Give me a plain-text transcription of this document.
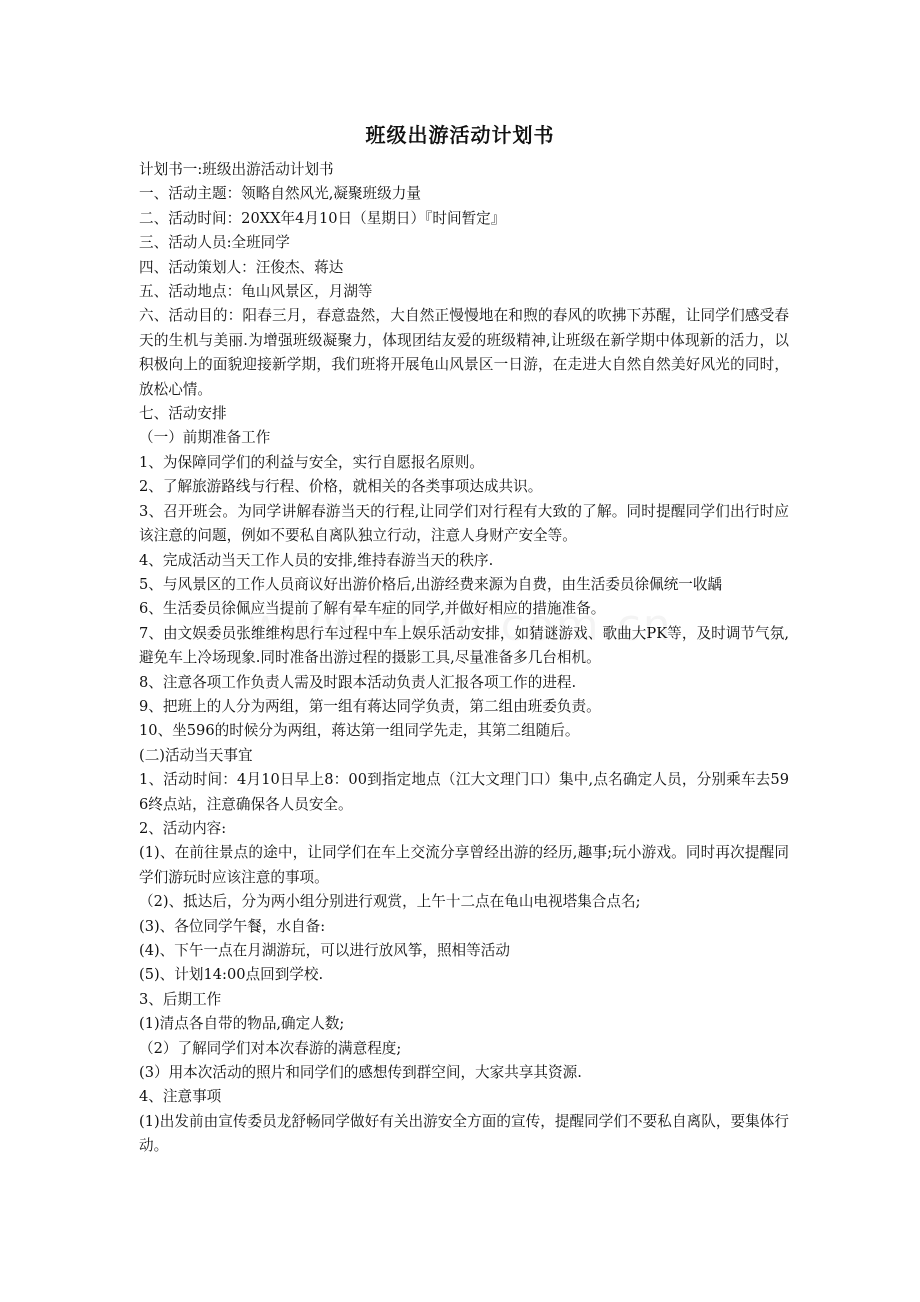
班级出游活动计划书

计划书一:班级出游活动计划书

一、活动主题：领略自然风光,凝聚班级力量

二、活动时间：20XX年4月10日（星期日）『时间暂定』

三、活动人员:全班同学

四、活动策划人：汪俊杰、蒋达

五、活动地点：龟山风景区，月湖等

六、活动目的：阳春三月，春意盎然，大自然正慢慢地在和煦的春风的吹拂下苏醒，让同学们感受春天的生机与美丽.为增强班级凝聚力，体现团结友爱的班级精神,让班级在新学期中体现新的活力，以积极向上的面貌迎接新学期，我们班将开展龟山风景区一日游，在走进大自然自然美好风光的同时，放松心情。

七、活动安排

（一）前期准备工作

1、为保障同学们的利益与安全，实行自愿报名原则。

2、了解旅游路线与行程、价格，就相关的各类事项达成共识。

3、召开班会。为同学讲解春游当天的行程,让同学们对行程有大致的了解。同时提醒同学们出行时应该注意的问题，例如不要私自离队独立行动，注意人身财产安全等。

4、完成活动当天工作人员的安排,维持春游当天的秩序.

5、与风景区的工作人员商议好出游价格后,出游经费来源为自费，由生活委员徐佩统一收龋

6、生活委员徐佩应当提前了解有晕车症的同学,并做好相应的措施准备。

7、由文娱委员张维维构思行车过程中车上娱乐活动安排，如猜谜游戏、歌曲大PK等，及时调节气氛,避免车上冷场现象.同时准备出游过程的摄影工具,尽量准备多几台相机。

8、注意各项工作负责人需及时跟本活动负责人汇报各项工作的进程.

9、把班上的人分为两组，第一组有蒋达同学负责，第二组由班委负责。

10、坐596的时候分为两组，蒋达第一组同学先走，其第二组随后。

(二)活动当天事宜

1、活动时间：4月10日早上8：00到指定地点（江大文理门口）集中,点名确定人员，分别乘车去596终点站，注意确保各人员安全。

2、活动内容:

(1)、在前往景点的途中，让同学们在车上交流分享曾经出游的经历,趣事;玩小游戏。同时再次提醒同学们游玩时应该注意的事项。

（2)、抵达后，分为两小组分别进行观赏，上午十二点在龟山电视塔集合点名;

(3)、各位同学午餐，水自备:

(4)、下午一点在月湖游玩，可以进行放风筝，照相等活动

(5)、计划14:00点回到学校.

3、后期工作

(1)清点各自带的物品,确定人数;

（2）了解同学们对本次春游的满意程度;

(3）用本次活动的照片和同学们的感想传到群空间，大家共享其资源.

4、注意事项

(1)出发前由宣传委员龙舒畅同学做好有关出游安全方面的宣传，提醒同学们不要私自离队，要集体行动。
